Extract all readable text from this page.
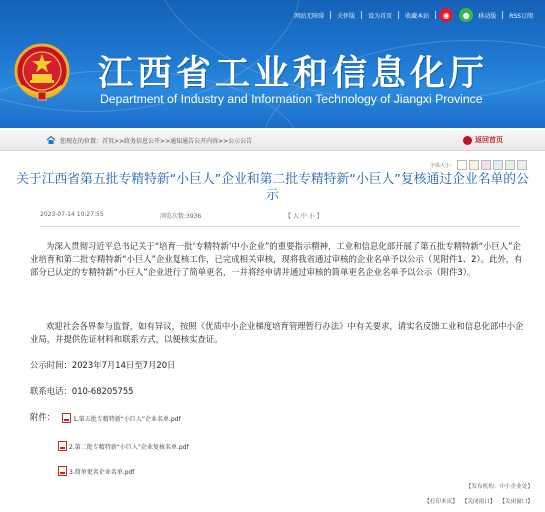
网站无障碍	关怀版	设为首页	收藏本站	◉	●	移动版	RSS订阅
江西省工业和信息化厅
Department of Industry and Information Technology of Jiangxi Province
您现在的位置：首页>>政务信息公开>>通知通告公开内容>>公示公告	返回首页
字体大小：
关于江西省第五批专精特新“小巨人”企业和第二批专精特新“小巨人”复核通过企业名单的公示
2023-07-14 10:27:55	浏览次数:3936	【 大 中 小 】

为深入贯彻习近平总书记关于“培育一批‘专精特新’中小企业”的重要指示精神，工业和信息化部开展了第五批专精特新“小巨人”企业培育和第二批专精特新“小巨人”企业复核工作，已完成相关审核，现将我省通过审核的企业名单予以公示（见附件1、2）。此外，有部分已认定的专精特新“小巨人”企业进行了简单更名，一并将经申请并通过审核的简单更名企业名单予以公示（附件3）。

欢迎社会各界参与监督，如有异议，按照《优质中小企业梯度培育管理暂行办法》中有关要求，请实名反馈工业和信息化部中小企业局，并提供佐证材料和联系方式，以便核实查证。

公示时间：2023年7月14日至7月20日
联系电话：010-68205755
附件：	1.第五批专精特新“小巨人”企业名单.pdf
2.第二批专精特新“小巨人”企业复核名单.pdf
3.简单更名企业名单.pdf
【发布机构：中小企业处】
【打印本页】 【关闭窗口】 【关闭窗口】
